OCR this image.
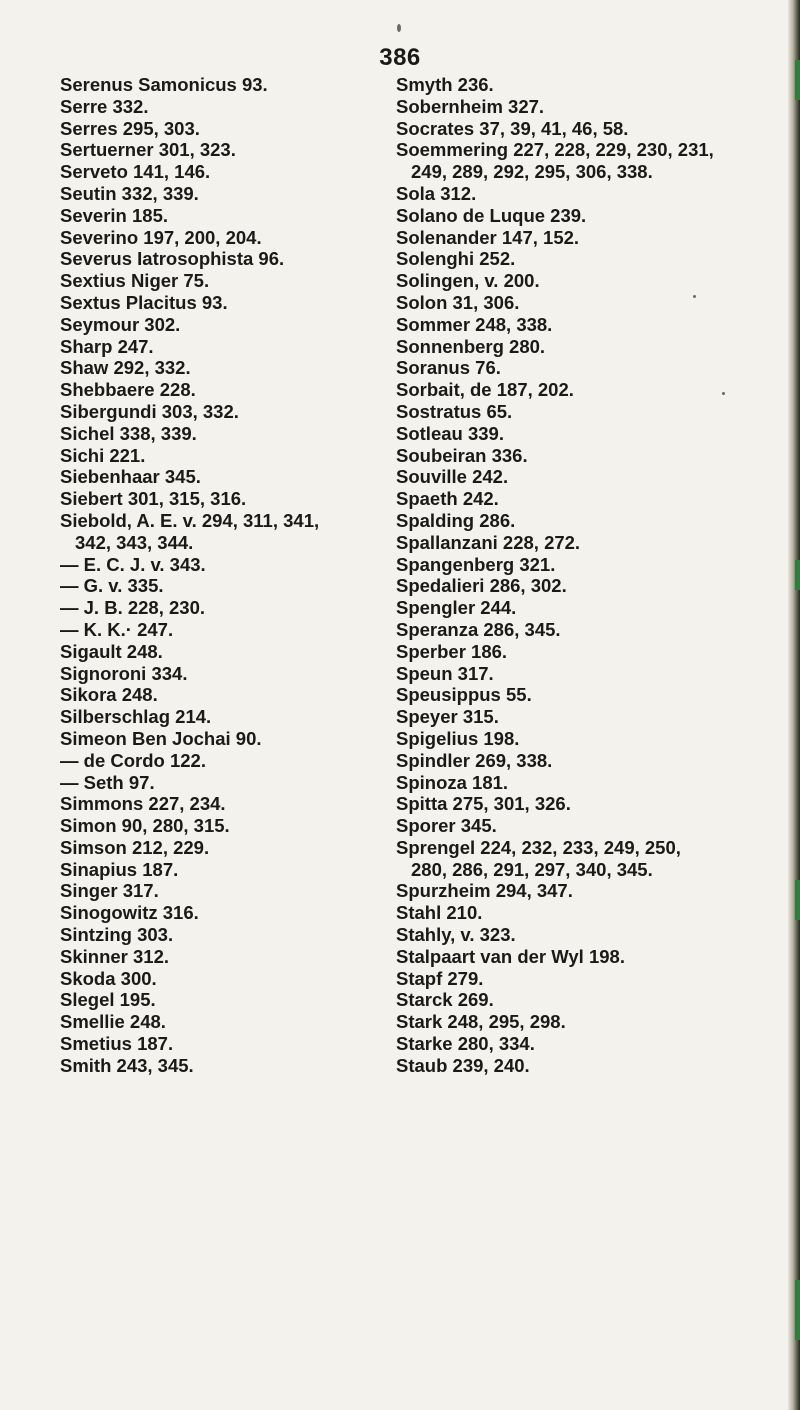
386
Serenus Samonicus 93.
Serre 332.
Serres 295, 303.
Sertuerner 301, 323.
Serveto 141, 146.
Seutin 332, 339.
Severin 185.
Severino 197, 200, 204.
Severus Iatrosophista 96.
Sextius Niger 75.
Sextus Placitus 93.
Seymour 302.
Sharp 247.
Shaw 292, 332.
Shebbaere 228.
Sibergundi 303, 332.
Sichel 338, 339.
Sichi 221.
Siebenhaar 345.
Siebert 301, 315, 316.
Siebold, A. E. v. 294, 311, 341,
342, 343, 344.
— E. C. J. v. 343.
— G. v. 335.
— J. B. 228, 230.
— K. K.· 247.
Sigault 248.
Signoroni 334.
Sikora 248.
Silberschlag 214.
Simeon Ben Jochai 90.
— de Cordo 122.
— Seth 97.
Simmons 227, 234.
Simon 90, 280, 315.
Simson 212, 229.
Sinapius 187.
Singer 317.
Sinogowitz 316.
Sintzing 303.
Skinner 312.
Skoda 300.
Slegel 195.
Smellie 248.
Smetius 187.
Smith 243, 345.
Smyth 236.
Sobernheim 327.
Socrates 37, 39, 41, 46, 58.
Soemmering 227, 228, 229, 230, 231,
249, 289, 292, 295, 306, 338.
Sola 312.
Solano de Luque 239.
Solenander 147, 152.
Solenghi 252.
Solingen, v. 200.
Solon 31, 306.
Sommer 248, 338.
Sonnenberg 280.
Soranus 76.
Sorbait, de 187, 202.
Sostratus 65.
Sotleau 339.
Soubeiran 336.
Souville 242.
Spaeth 242.
Spalding 286.
Spallanzani 228, 272.
Spangenberg 321.
Spedalieri 286, 302.
Spengler 244.
Speranza 286, 345.
Sperber 186.
Speun 317.
Speusippus 55.
Speyer 315.
Spigelius 198.
Spindler 269, 338.
Spinoza 181.
Spitta 275, 301, 326.
Sporer 345.
Sprengel 224, 232, 233, 249, 250,
280, 286, 291, 297, 340, 345.
Spurzheim 294, 347.
Stahl 210.
Stahly, v. 323.
Stalpaart van der Wyl 198.
Stapf 279.
Starck 269.
Stark 248, 295, 298.
Starke 280, 334.
Staub 239, 240.
